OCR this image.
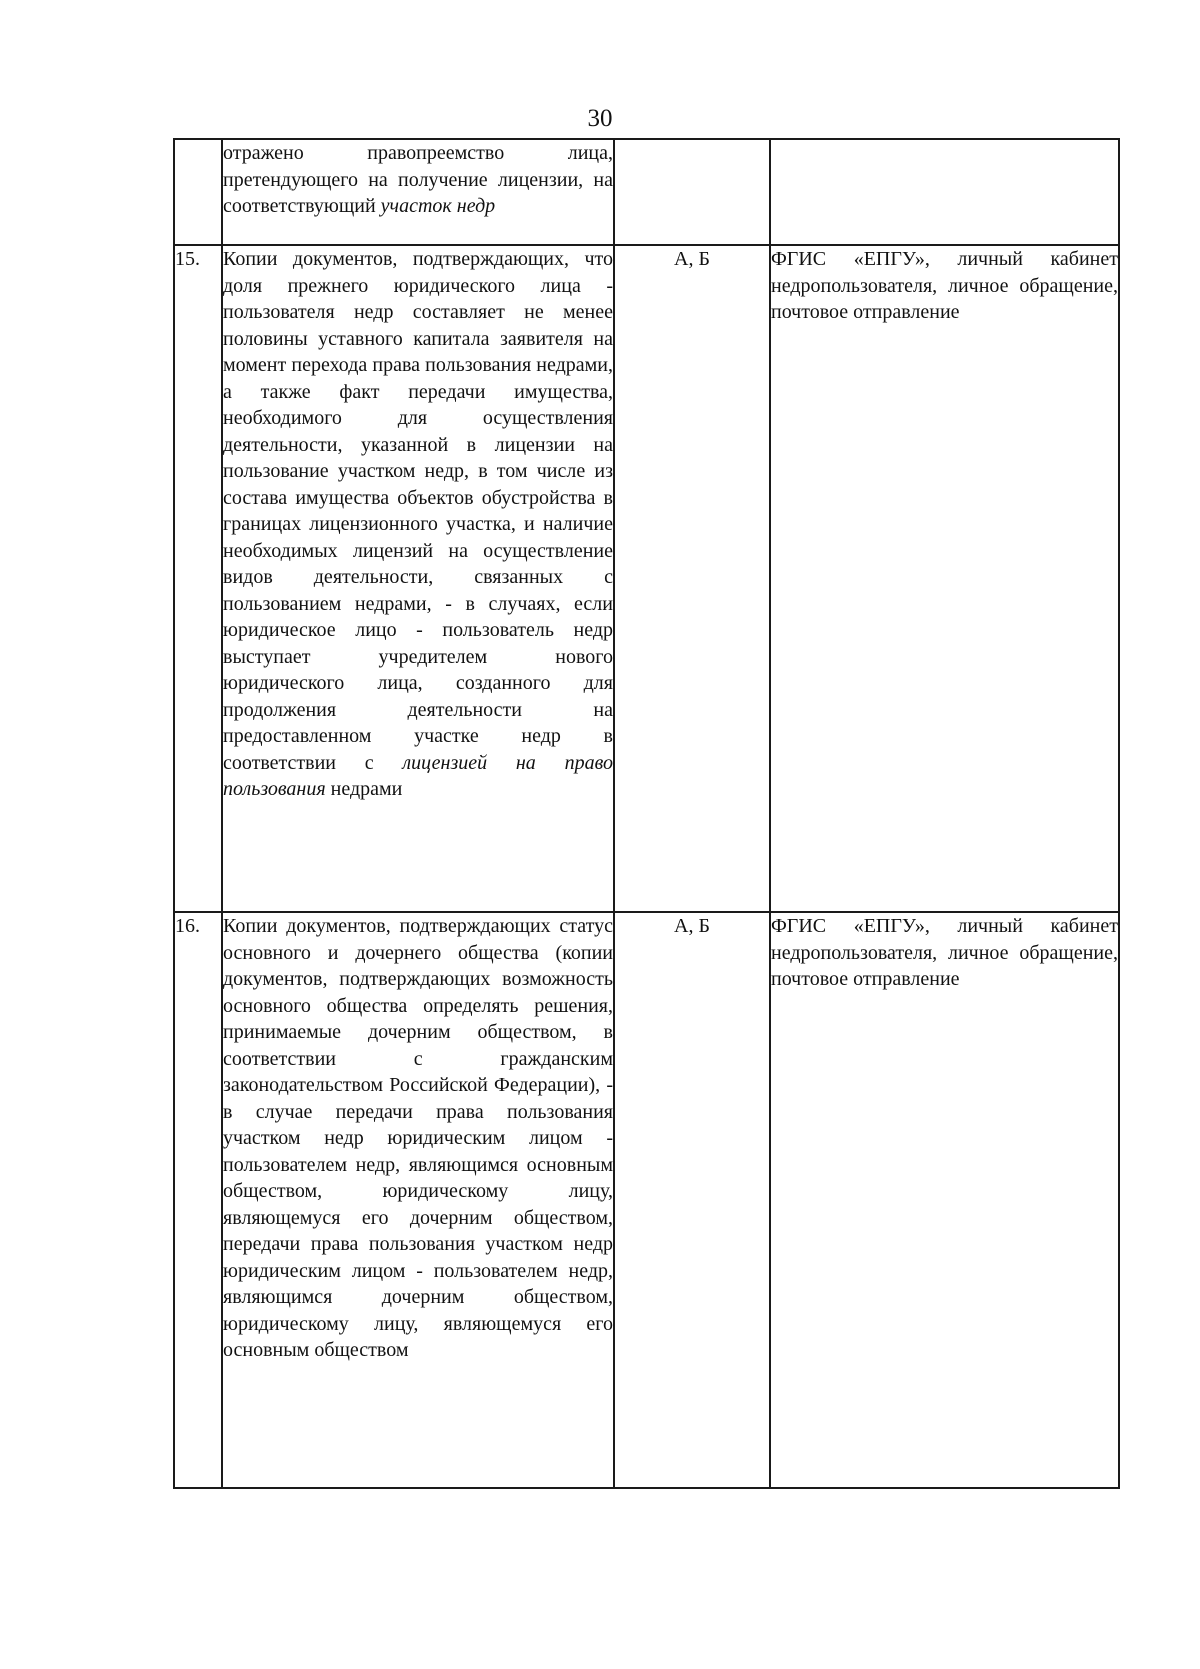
30
	отражено правопреемство лица, претендующего на получение лицензии, на соответствующий участок недр		
15.	Копии документов, подтверждающих, что доля прежнего юридического лица - пользователя недр составляет не менее половины уставного капитала заявителя на момент перехода права пользования недрами, а также факт передачи имущества, необходимого для осуществления деятельности, указанной в лицензии на пользование участком недр, в том числе из состава имущества объектов обустройства в границах лицензионного участка, и наличие необходимых лицензий на осуществление видов деятельности, связанных с пользованием недрами, - в случаях, если юридическое лицо - пользователь недр выступает учредителем нового юридического лица, созданного для продолжения деятельности на предоставленном участке недр в соответствии с лицензией на право пользования недрами	А, Б	ФГИС «ЕПГУ», личный кабинет недропользователя, личное обращение, почтовое отправление
16.	Копии документов, подтверждающих статус основного и дочернего общества (копии документов, подтверждающих возможность основного общества определять решения, принимаемые дочерним обществом, в соответствии с гражданским законодательством Российской Федерации), - в случае передачи права пользования участком недр юридическим лицом - пользователем недр, являющимся основным обществом, юридическому лицу, являющемуся его дочерним обществом, передачи права пользования участком недр юридическим лицом - пользователем недр, являющимся дочерним обществом, юридическому лицу, являющемуся его основным обществом	А, Б	ФГИС «ЕПГУ», личный кабинет недропользователя, личное обращение, почтовое отправление
